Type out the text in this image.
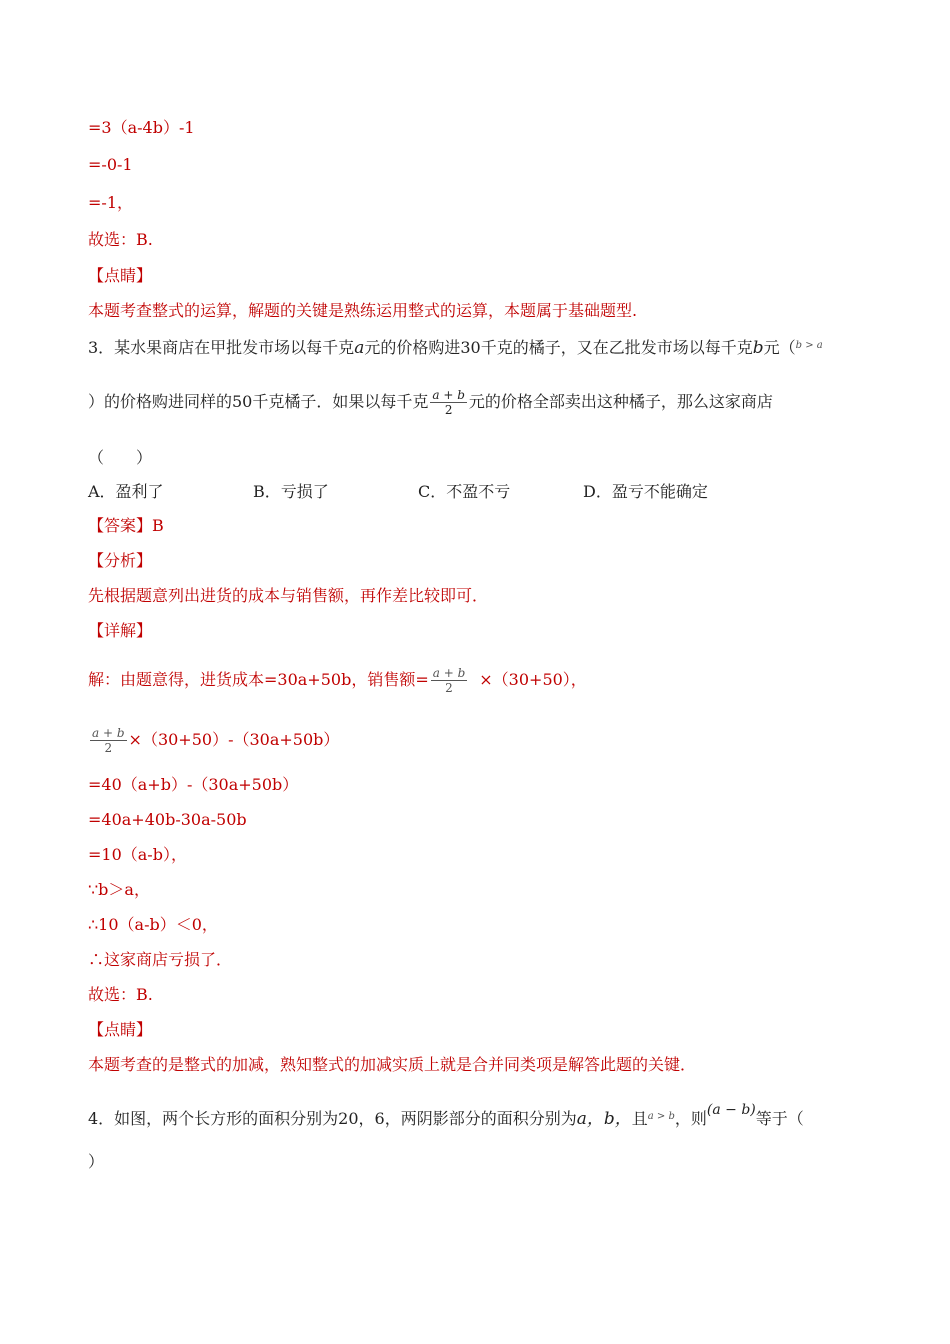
=3（a-4b）-1
=-0-1
=-1，
故选：B.
【点睛】
本题考查整式的运算，解题的关键是熟练运用整式的运算，本题属于基础题型.
3．某水果商店在甲批发市场以每千克a元的价格购进30千克的橘子，又在乙批发市场以每千克b元（$^{b > a}$
）的价格购进同样的50千克橘子．如果以每千克 $\frac{a + b}{2}$ 元的价格全部卖出这种橘子，那么这家商店
（　　）
A．盈利了	B．亏损了	C．不盈不亏	D．盈亏不能确定
【答案】B
【分析】
先根据题意列出进货的成本与销售额，再作差比较即可．
【详解】
解：由题意得，进货成本=30a+50b，销售额= $\frac{a + b}{2} \times(30+50)$，
$\frac{a + b}{2} \times(30+50)-(30a+50b)$
=40（a+b）-（30a+50b）
=40a+40b-30a-50b
=10（a-b），
∵b＞a，
∴10（a-b）＜0，
∴这家商店亏损了．
故选：B.
【点睛】
本题考查的是整式的加减，熟知整式的加减实质上就是合并同类项是解答此题的关键．
4．如图，两个长方形的面积分别为20，6，两阴影部分的面积分别为a，b，且$^{a > b}$，则(a − b)等于（
）
